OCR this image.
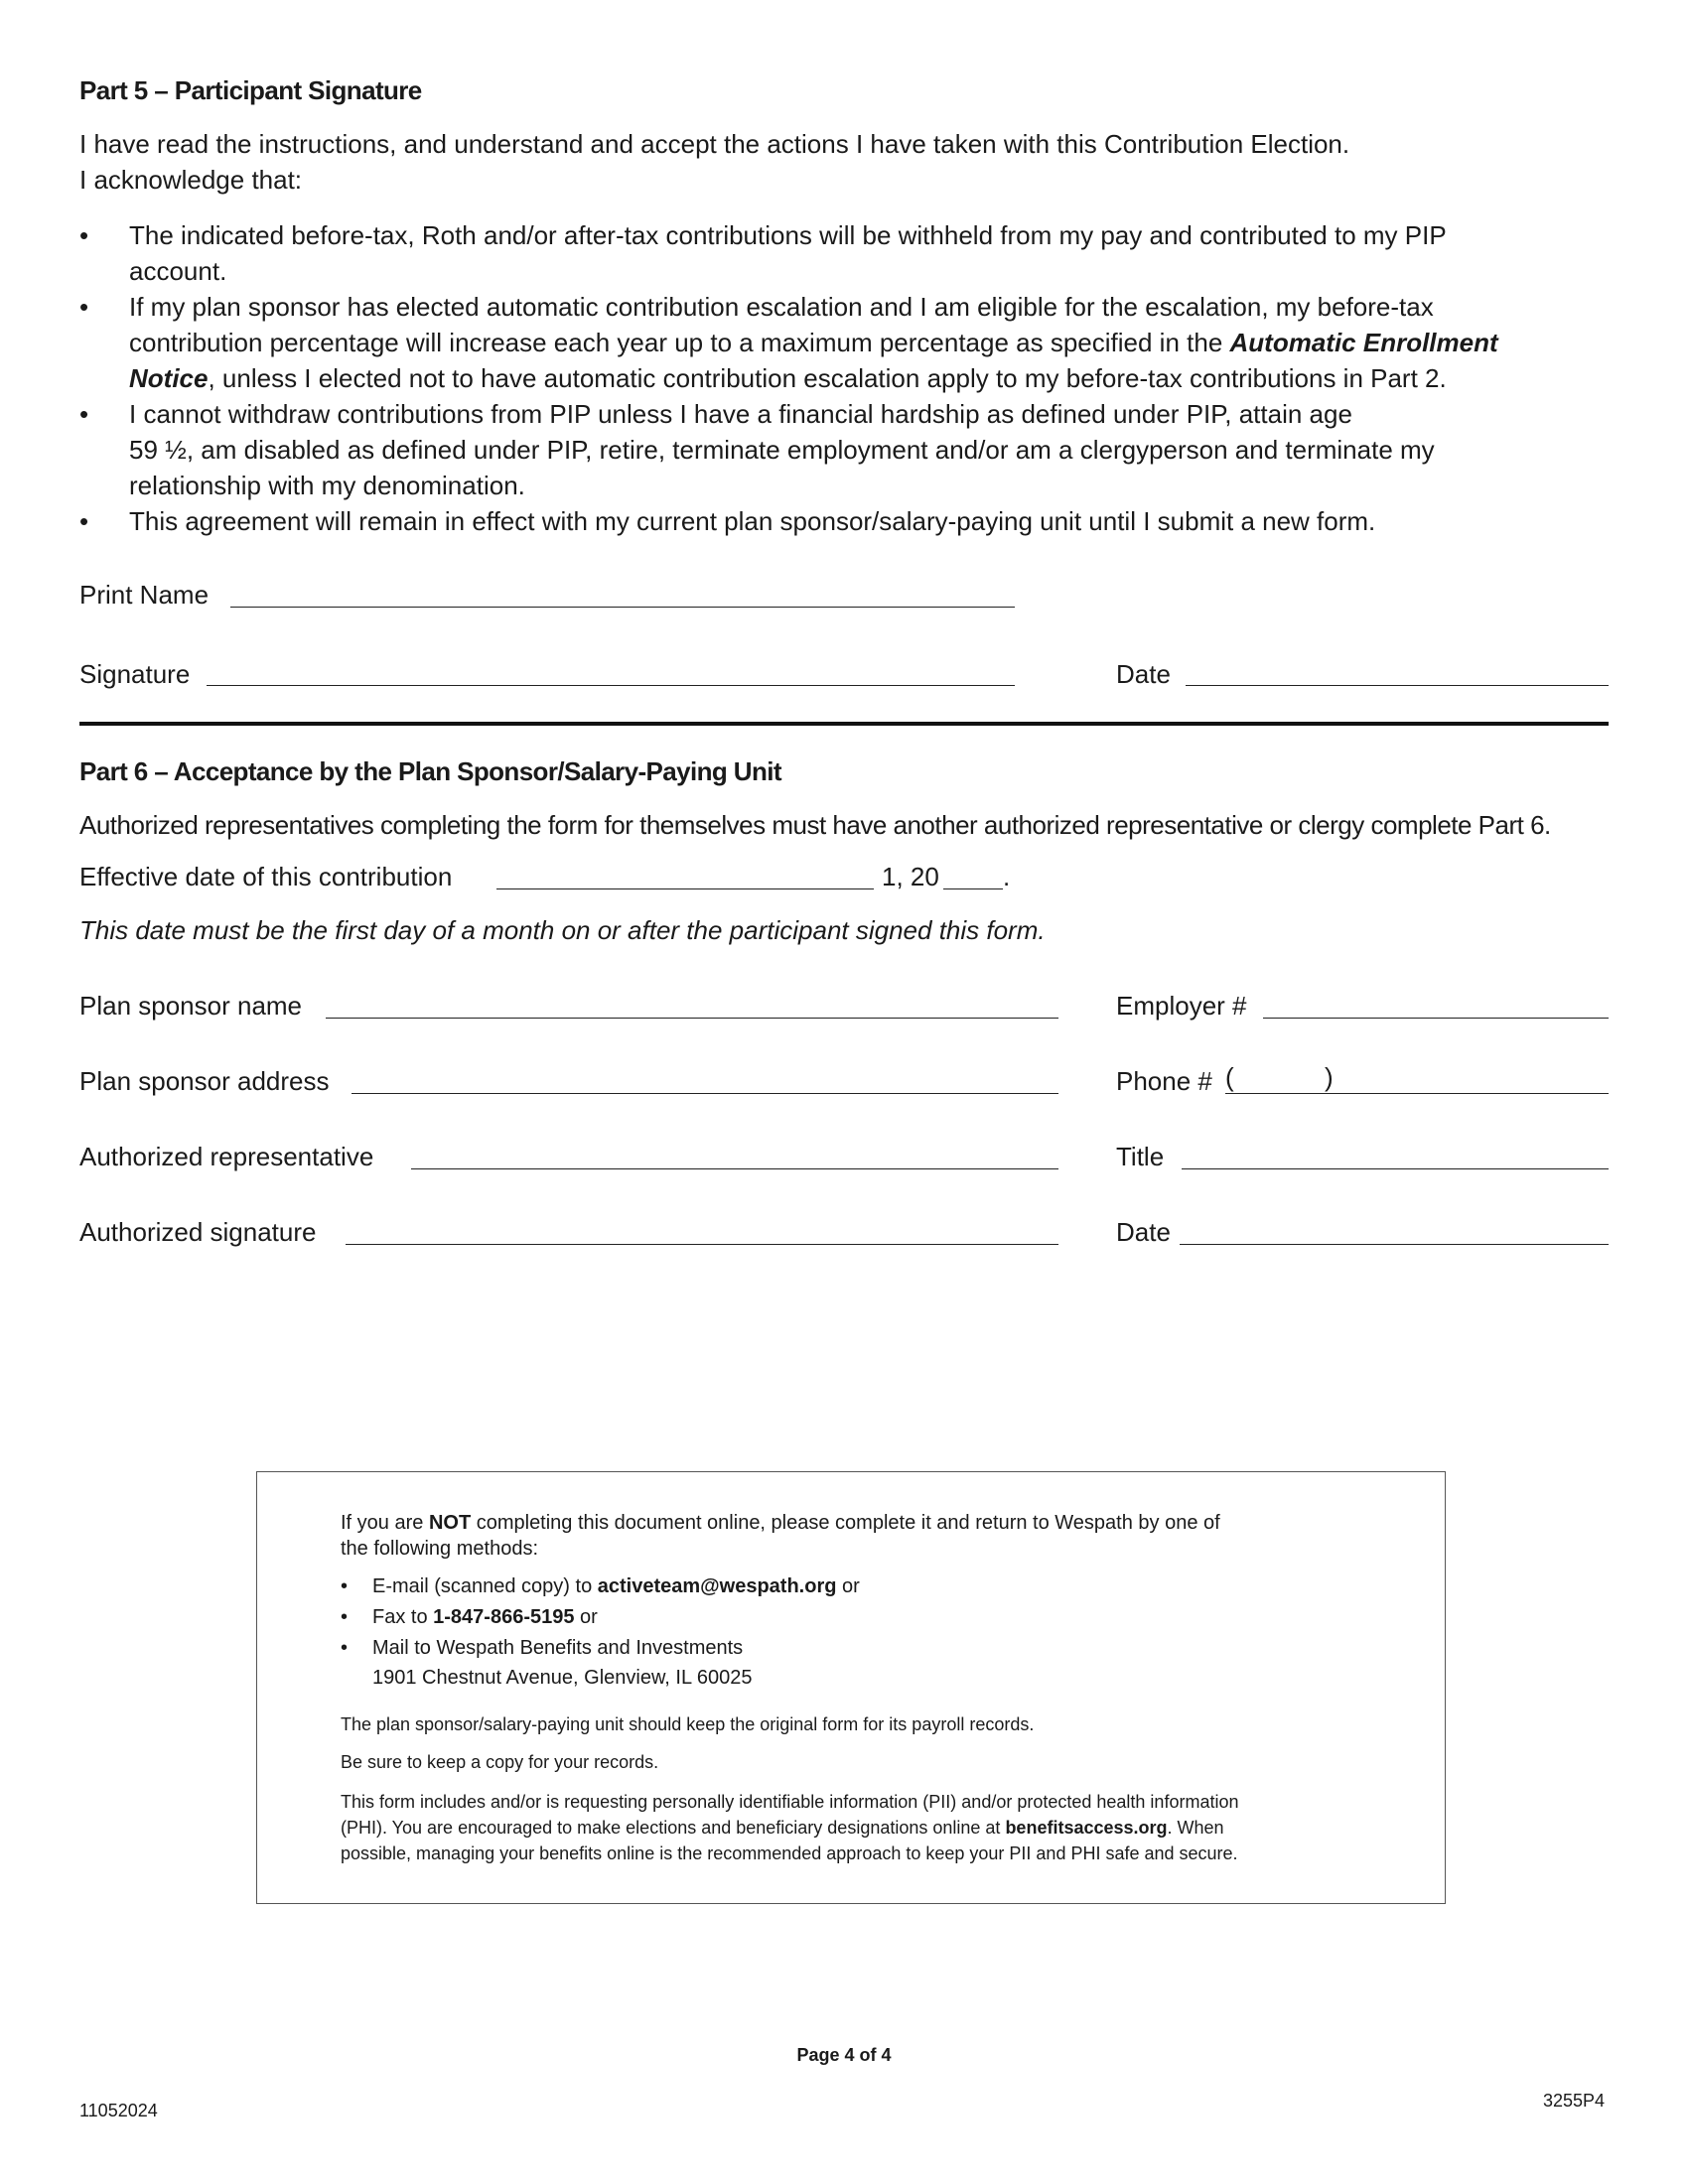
Part 5 – Participant Signature
I have read the instructions, and understand and accept the actions I have taken with this Contribution Election.
I acknowledge that:
• The indicated before-tax, Roth and/or after-tax contributions will be withheld from my pay and contributed to my PIP
account.
• If my plan sponsor has elected automatic contribution escalation and I am eligible for the escalation, my before-tax
contribution percentage will increase each year up to a maximum percentage as specified in the Automatic Enrollment
Notice, unless I elected not to have automatic contribution escalation apply to my before-tax contributions in Part 2.
• I cannot withdraw contributions from PIP unless I have a financial hardship as defined under PIP, attain age
59 ½, am disabled as defined under PIP, retire, terminate employment and/or am a clergyperson and terminate my
relationship with my denomination.
• This agreement will remain in effect with my current plan sponsor/salary-paying unit until I submit a new form.
Print Name
Signature	Date
Part 6 – Acceptance by the Plan Sponsor/Salary-Paying Unit
Authorized representatives completing the form for themselves must have another authorized representative or clergy complete Part 6.
Effective date of this contribution	1, 20 .
This date must be the first day of a month on or after the participant signed this form.
Plan sponsor name	Employer #
Plan sponsor address	Phone # (	)
Authorized representative	Title
Authorized signature	Date
If you are NOT completing this document online, please complete it and return to Wespath by one of
the following methods:
• E-mail (scanned copy) to activeteam@wespath.org or
• Fax to 1-847-866-5195 or
• Mail to Wespath Benefits and Investments
1901 Chestnut Avenue, Glenview, IL 60025
The plan sponsor/salary-paying unit should keep the original form for its payroll records.
Be sure to keep a copy for your records.
This form includes and/or is requesting personally identifiable information (PII) and/or protected health information
(PHI). You are encouraged to make elections and beneficiary designations online at benefitsaccess.org. When
possible, managing your benefits online is the recommended approach to keep your PII and PHI safe and secure.
Page 4 of 4
11052024	3255P4
